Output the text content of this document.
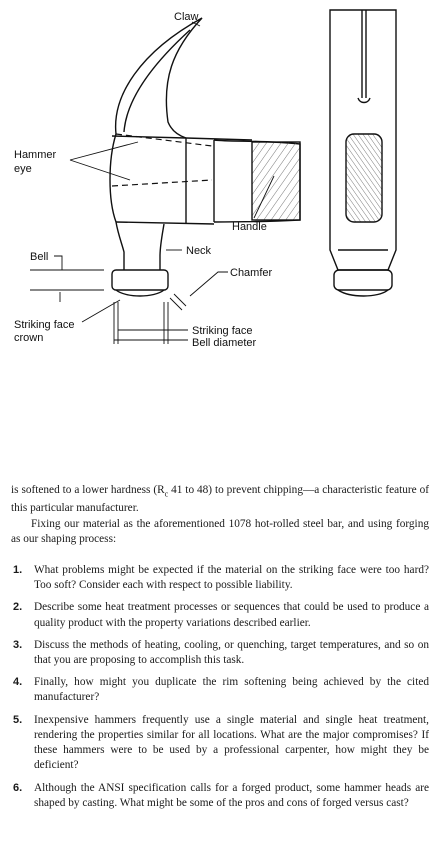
Claw
Hammer
eye
Handle
Neck
Bell
Chamfer
Striking face
crown
Striking face
Bell diameter

is softened to a lower hardness ($R_c$ 41 to 48) to prevent chipping—a characteristic feature of this particular manufacturer.

Fixing our material as the aforementioned 1078 hot-rolled steel bar, and using forging as our shaping process:

1. What problems might be expected if the material on the striking face were too hard? Too soft? Consider each with respect to possible liability.
2. Describe some heat treatment processes or sequences that could be used to produce a quality product with the property variations described earlier.
3. Discuss the methods of heating, cooling, or quenching, target temperatures, and so on that you are proposing to accomplish this task.
4. Finally, how might you duplicate the rim softening being achieved by the cited manufacturer?
5. Inexpensive hammers frequently use a single material and single heat treatment, rendering the properties similar for all locations. What are the major compromises? If these hammers were to be used by a professional carpenter, how might they be deficient?
6. Although the ANSI specification calls for a forged product, some hammer heads are shaped by casting. What might be some of the pros and cons of forged versus cast?
